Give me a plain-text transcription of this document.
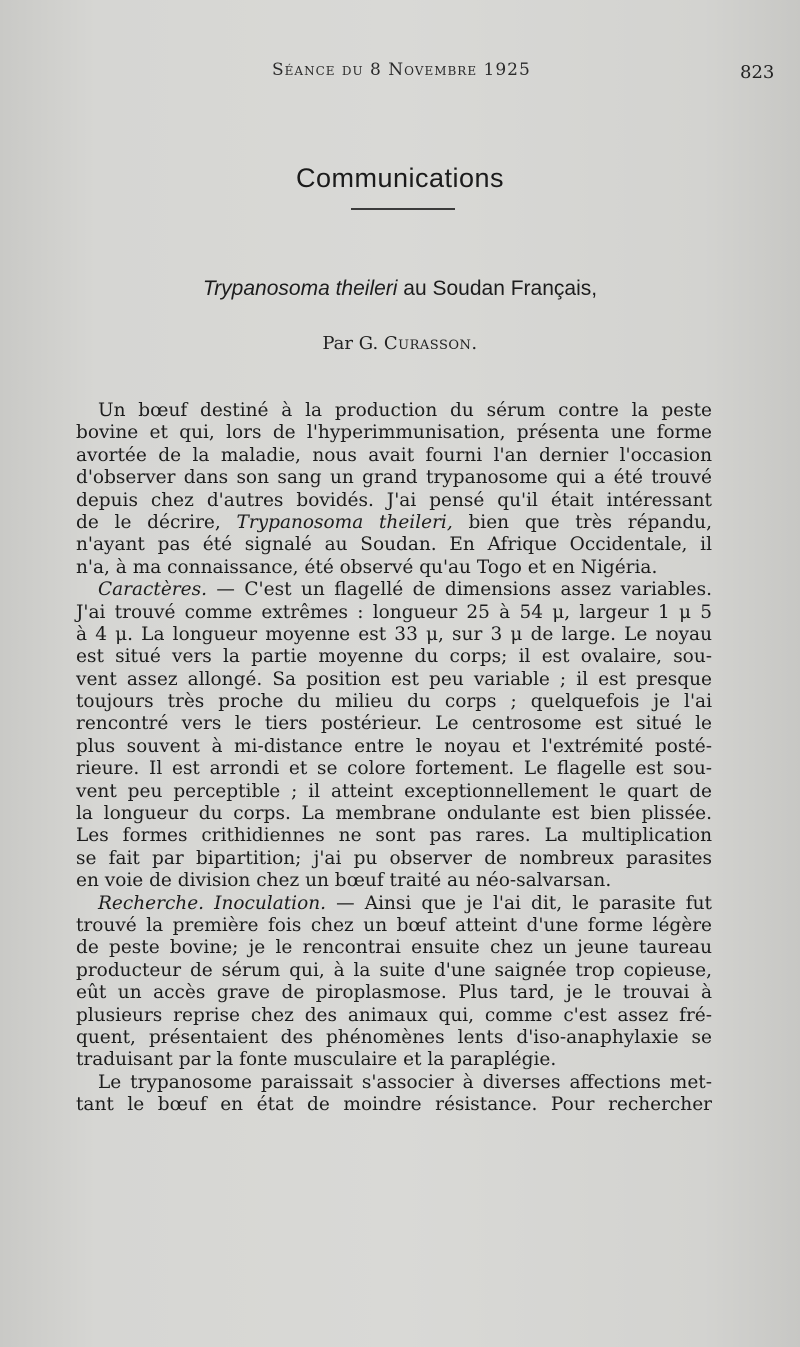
Séance du 8 Novembre 1925	823
Communications
Trypanosoma theileri au Soudan Français,
Par G. Curasson.
Un bœuf destiné à la production du sérum contre la peste
bovine et qui, lors de l'hyperimmunisation, présenta une forme
avortée de la maladie, nous avait fourni l'an dernier l'occasion
d'observer dans son sang un grand trypanosome qui a été trouvé
depuis chez d'autres bovidés. J'ai pensé qu'il était intéressant
de le décrire, Trypanosoma theileri, bien que très répandu,
n'ayant pas été signalé au Soudan. En Afrique Occidentale, il
n'a, à ma connaissance, été observé qu'au Togo et en Nigéria.
Caractères. — C'est un flagellé de dimensions assez variables.
J'ai trouvé comme extrêmes : longueur 25 à 54 μ, largeur 1 μ 5
à 4 μ. La longueur moyenne est 33 μ, sur 3 μ de large. Le noyau
est situé vers la partie moyenne du corps; il est ovalaire, sou-
vent assez allongé. Sa position est peu variable ; il est presque
toujours très proche du milieu du corps ; quelquefois je l'ai
rencontré vers le tiers postérieur. Le centrosome est situé le
plus souvent à mi-distance entre le noyau et l'extrémité posté-
rieure. Il est arrondi et se colore fortement. Le flagelle est sou-
vent peu perceptible ; il atteint exceptionnellement le quart de
la longueur du corps. La membrane ondulante est bien plissée.
Les formes crithidiennes ne sont pas rares. La multiplication
se fait par bipartition; j'ai pu observer de nombreux parasites
en voie de division chez un bœuf traité au néo-salvarsan.
Recherche. Inoculation. — Ainsi que je l'ai dit, le parasite fut
trouvé la première fois chez un bœuf atteint d'une forme légère
de peste bovine; je le rencontrai ensuite chez un jeune taureau
producteur de sérum qui, à la suite d'une saignée trop copieuse,
eût un accès grave de piroplasmose. Plus tard, je le trouvai à
plusieurs reprise chez des animaux qui, comme c'est assez fré-
quent, présentaient des phénomènes lents d'iso-anaphylaxie se
traduisant par la fonte musculaire et la paraplégie.
Le trypanosome paraissait s'associer à diverses affections met-
tant le bœuf en état de moindre résistance. Pour rechercher
